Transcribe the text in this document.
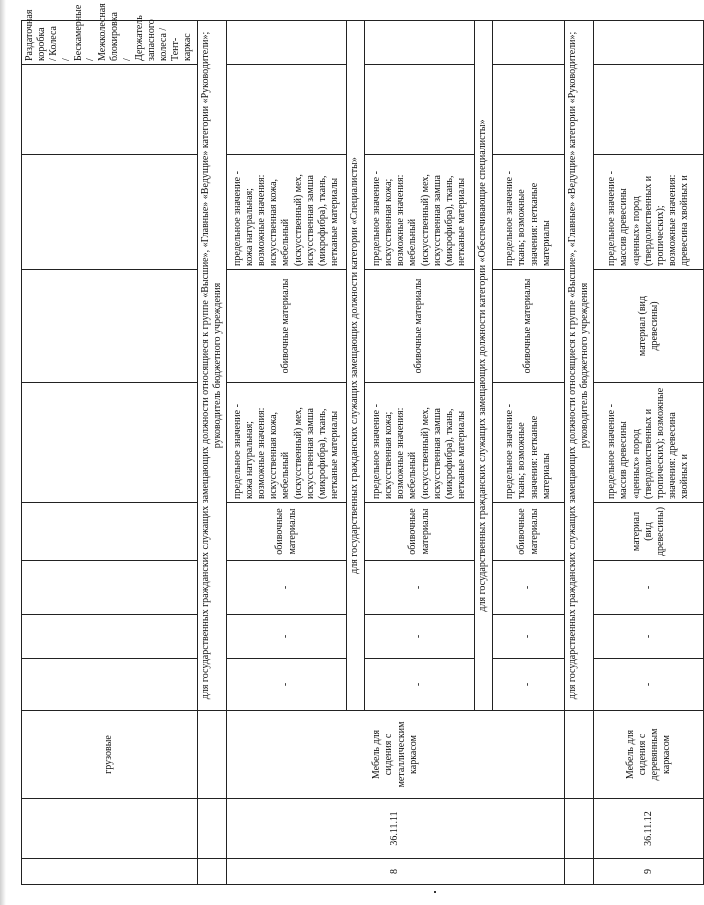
		грузовые									Раздаточная коробка / Колеса / Бескамерные / Межколесная блокировка / Держатель запасного колеса / Тент-каркас
			для государственных гражданских служащих замещающих должности относящиеся к группе «Высшие», «Главные» «Ведущие» категории «Руководители»; руководитель бюджетного учреждения								
8	36.11.11	Мебель для сидения с металлическим каркасом	-	-	-	обивочные материалы	предельное значение - кожа натуральная; возможные значения: искусственная кожа, мебельный (искусственный) мех, искусственная замша (микрофибра), ткань, нетканые материалы	обивочные материалы	предельное значение - кожа натуральная; возможные значения: искусственная кожа, мебельный (искусственный) мех, искусственная замша (микрофибра), ткань, нетканые материалы		
			для государственных гражданских служащих замещающих должности категории «Специалисты»								
			-	-	-	обивочные материалы	предельное значение - искусственная кожа; возможные значения: мебельный (искусственный) мех, искусственная замша (микрофибра), ткань, нетканые материалы	обивочные материалы	предельное значение - искусственная кожа; возможные значения: мебельный (искусственный) мех, искусственная замша (микрофибра), ткань, нетканые материалы		
			для государственных гражданских служащих замещающих должности категории «Обеспечивающие специалисты»								
			-	-	-	обивочные материалы	предельное значение - ткань; возможные значения: нетканые материалы	обивочные материалы	предельное значение - ткань; возможные значения: нетканые материалы		
			для государственных гражданских служащих замещающих должности относящиеся к группе «Высшие», «Главные» «Ведущие» категории «Руководители»; руководитель бюджетного учреждения								
9	36.11.12	Мебель для сидения с деревянным каркасом	-	-	-	материал (вид древесины)	предельное значение - массив древесины «ценных» пород (твердолиственных и тропических); возможные значения: древесина хвойных и	материал (вид древесины)	предельное значение - массив древесины «ценных» пород (твердолиственных и тропических); возможные значения: древесина хвойных и		
